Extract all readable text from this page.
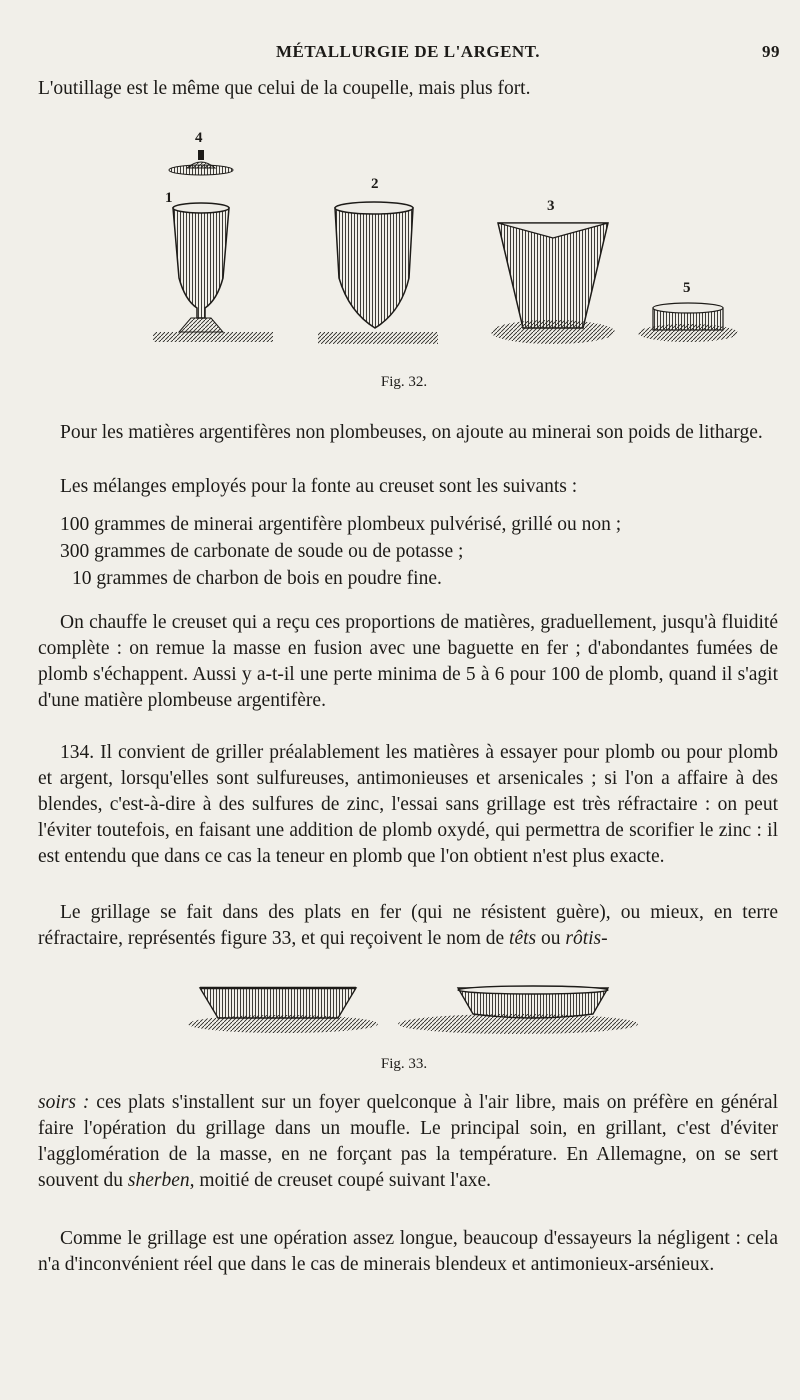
MÉTALLURGIE DE L'ARGENT.	99
L'outillage est le même que celui de la coupelle, mais plus fort.
4
1
2
3
5
Fig. 32.
Pour les matières argentifères non plombeuses, on ajoute au minerai son poids de litharge.
Les mélanges employés pour la fonte au creuset sont les suivants :
100 grammes de minerai argentifère plombeux pulvérisé, grillé ou non ;
300 grammes de carbonate de soude ou de potasse ;
10 grammes de charbon de bois en poudre fine.
On chauffe le creuset qui a reçu ces proportions de matières, graduellement, jusqu'à fluidité complète : on remue la masse en fusion avec une baguette en fer ; d'abondantes fumées de plomb s'échappent. Aussi y a-t-il une perte minima de 5 à 6 pour 100 de plomb, quand il s'agit d'une matière plombeuse argentifère.
134. Il convient de griller préalablement les matières à essayer pour plomb ou pour plomb et argent, lorsqu'elles sont sulfureuses, antimonieuses et arsenicales ; si l'on a affaire à des blendes, c'est-à-dire à des sulfures de zinc, l'essai sans grillage est très réfractaire : on peut l'éviter toutefois, en faisant une addition de plomb oxydé, qui permettra de scorifier le zinc : il est entendu que dans ce cas la teneur en plomb que l'on obtient n'est plus exacte.
Le grillage se fait dans des plats en fer (qui ne résistent guère), ou mieux, en terre réfractaire, représentés figure 33, et qui reçoivent le nom de têts ou rôtis-
Fig. 33.
soirs : ces plats s'installent sur un foyer quelconque à l'air libre, mais on préfère en général faire l'opération du grillage dans un moufle. Le principal soin, en grillant, c'est d'éviter l'agglomération de la masse, en ne forçant pas la température. En Allemagne, on se sert souvent du sherben, moitié de creuset coupé suivant l'axe.
Comme le grillage est une opération assez longue, beaucoup d'essayeurs la négligent : cela n'a d'inconvénient réel que dans le cas de minerais blendeux et antimonieux-arsénieux.
